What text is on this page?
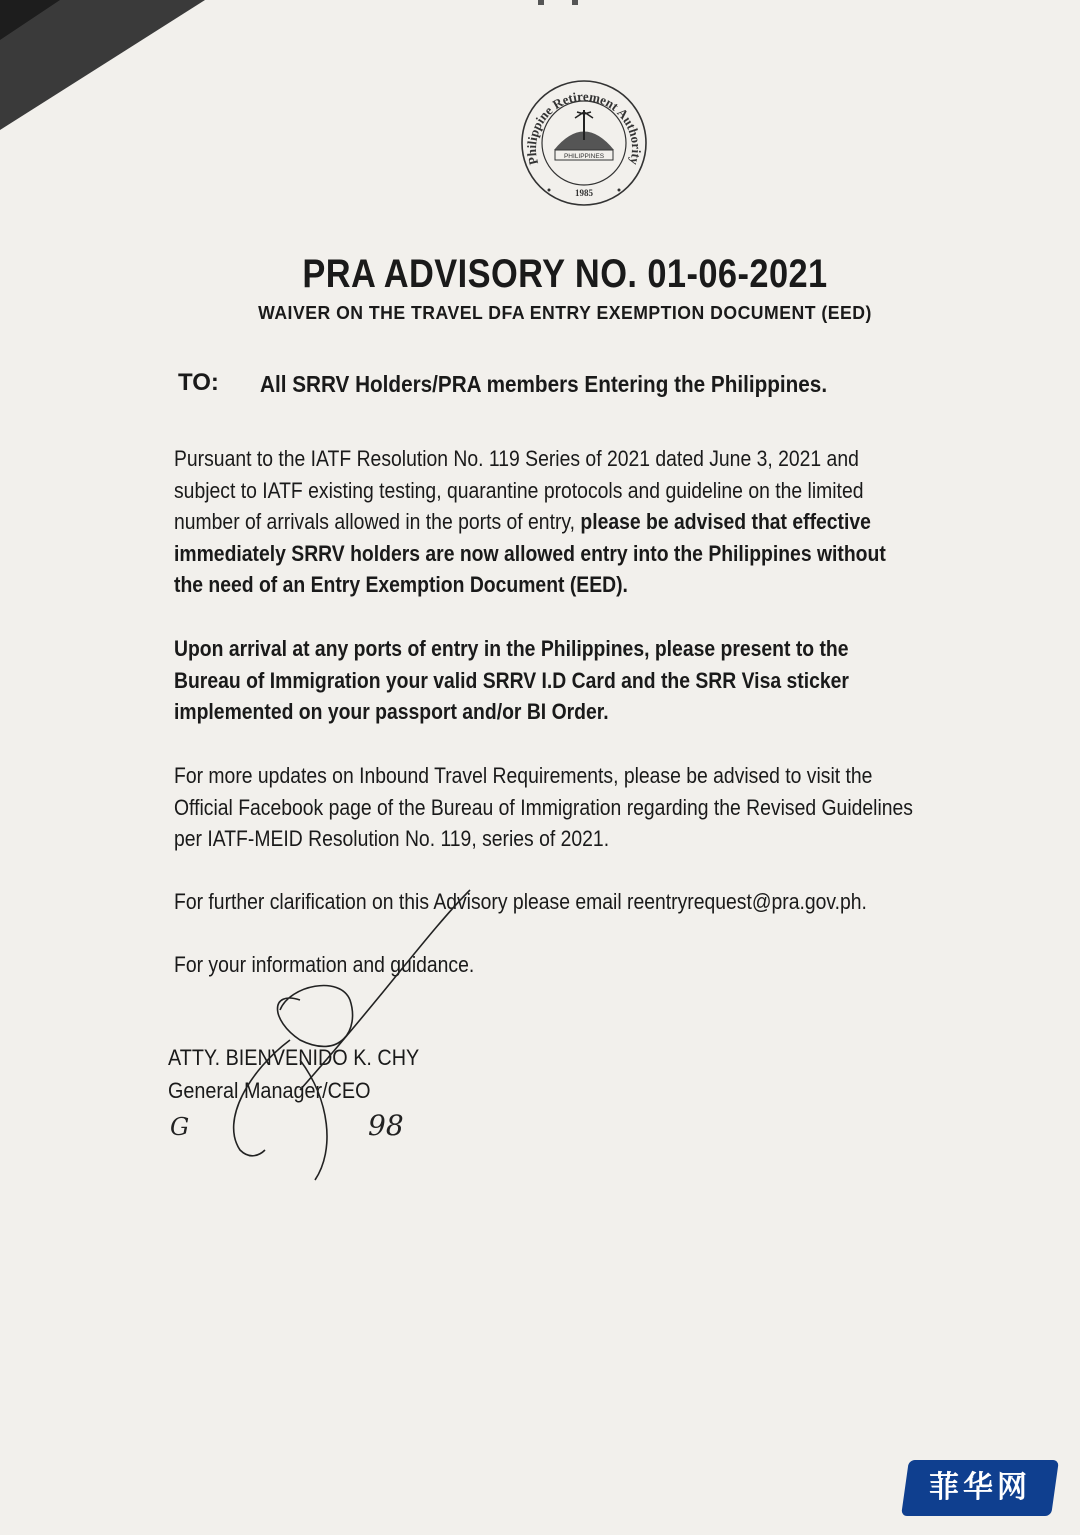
Philippine Retirement Authority
PHILIPPINES
1985
PRA ADVISORY NO. 01-06-2021
WAIVER ON THE TRAVEL DFA ENTRY EXEMPTION DOCUMENT (EED)
TO: All SRRV Holders/PRA members Entering the Philippines.
Pursuant to the IATF Resolution No. 119 Series of 2021 dated June 3, 2021 and subject to IATF existing testing, quarantine protocols and guideline on the limited number of arrivals allowed in the ports of entry, please be advised that effective immediately SRRV holders are now allowed entry into the Philippines without the need of an Entry Exemption Document (EED).
Upon arrival at any ports of entry in the Philippines, please present to the Bureau of Immigration your valid SRRV I.D Card and the SRR Visa sticker implemented on your passport and/or BI Order.
For more updates on Inbound Travel Requirements, please be advised to visit the Official Facebook page of the Bureau of Immigration regarding the Revised Guidelines per IATF-MEID Resolution No. 119, series of 2021.
For further clarification on this Advisory please email reentryrequest@pra.gov.ph.
For your information and guidance.
ATTY. BIENVENIDO K. CHY
General Manager/CEO
G	98
菲华网
